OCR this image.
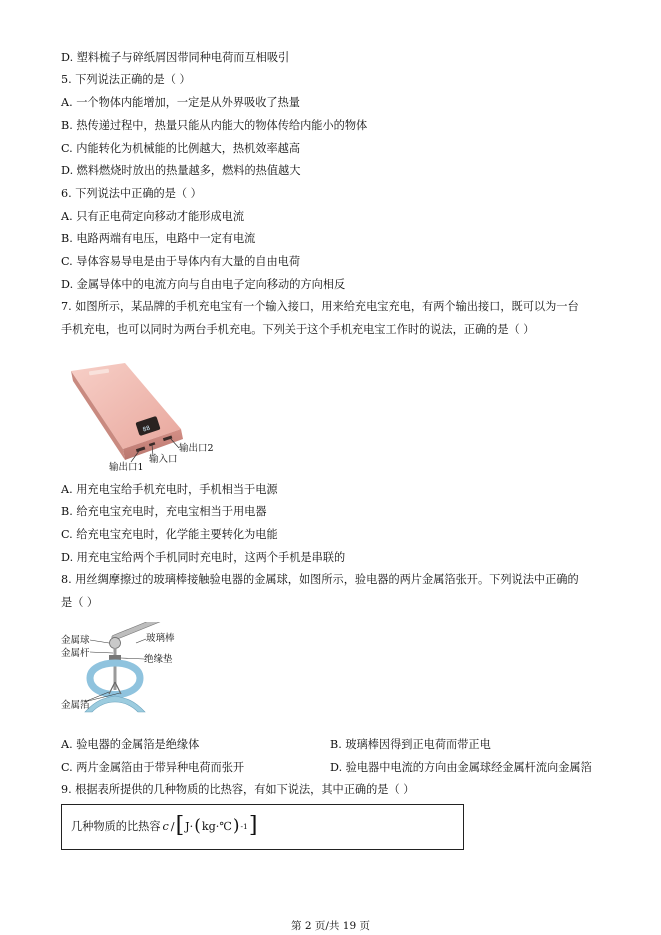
D. 塑料梳子与碎纸屑因带同种电荷而互相吸引
5. 下列说法正确的是（ ）
A. 一个物体内能增加，一定是从外界吸收了热量
B. 热传递过程中，热量只能从内能大的物体传给内能小的物体
C. 内能转化为机械能的比例越大，热机效率越高
D. 燃料燃烧时放出的热量越多，燃料的热值越大
6. 下列说法中正确的是（ ）
A. 只有正电荷定向移动才能形成电流
B. 电路两端有电压，电路中一定有电流
C. 导体容易导电是由于导体内有大量的自由电荷
D. 金属导体中的电流方向与自由电子定向移动的方向相反
7. 如图所示，某品牌的手机充电宝有一个输入接口，用来给充电宝充电，有两个输出接口，既可以为一台
手机充电，也可以同时为两台手机充电。下列关于这个手机充电宝工作时的说法，正确的是（ ）
88
输出口2
输入口
输出口1
A. 用充电宝给手机充电时，手机相当于电源
B. 给充电宝充电时，充电宝相当于用电器
C. 给充电宝充电时，化学能主要转化为电能
D. 用充电宝给两个手机同时充电时，这两个手机是串联的
8. 用丝绸摩擦过的玻璃棒接触验电器的金属球，如图所示，验电器的两片金属箔张开。下列说法中正确的
是（ ）
金属球
金属杆
玻璃棒
绝缘垫
金属箔
A. 验电器的金属箔是绝缘体	B. 玻璃棒因得到正电荷而带正电
C. 两片金属箔由于带异种电荷而张开	D. 验电器中电流的方向由金属球经金属杆流向金属箔
9. 根据表所提供的几种物质的比热容，有如下说法，其中正确的是（ ）
几种物质的比热容 c / [ J· ( kg·℃ ) -1 ]
第 2 页/共 19 页
